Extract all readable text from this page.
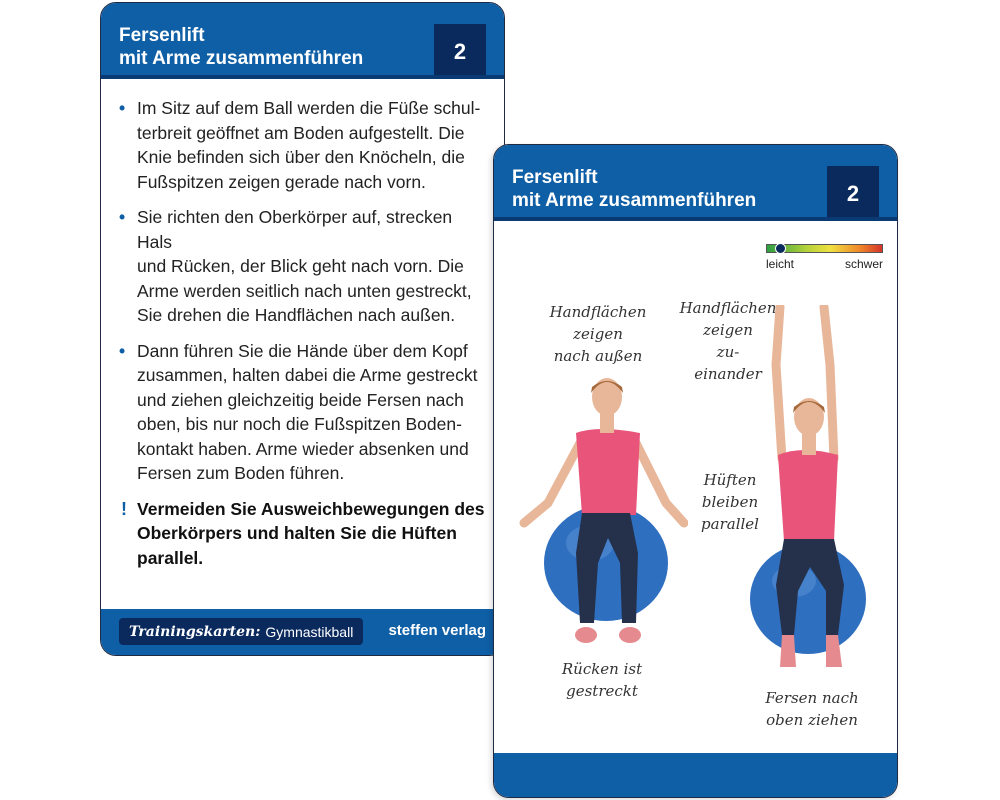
Fersenlift
mit Arme zusammenführen	2
• Im Sitz auf dem Ball werden die Füße schul-
terbreit geöffnet am Boden aufgestellt. Die
Knie befinden sich über den Knöcheln, die
Fußspitzen zeigen gerade nach vorn.
• Sie richten den Oberkörper auf, strecken Hals
und Rücken, der Blick geht nach vorn. Die
Arme werden seitlich nach unten gestreckt,
Sie drehen die Handflächen nach außen.
• Dann führen Sie die Hände über dem Kopf
zusammen, halten dabei die Arme gestreckt
und ziehen gleichzeitig beide Fersen nach
oben, bis nur noch die Fußspitzen Boden-
kontakt haben. Arme wieder absenken und
Fersen zum Boden führen.
! Vermeiden Sie Ausweichbewegungen des
Oberkörpers und halten Sie die Hüften
parallel.
Trainingskarten: Gymnastikball steffen verlag
Fersenlift
mit Arme zusammenführen	2
leicht	schwer
Handflächen
zeigen
nach außen
Handflächen
zeigen
zu-
einander
Hüften
bleiben
parallel
Rücken ist
gestreckt	Fersen nach
oben ziehen
